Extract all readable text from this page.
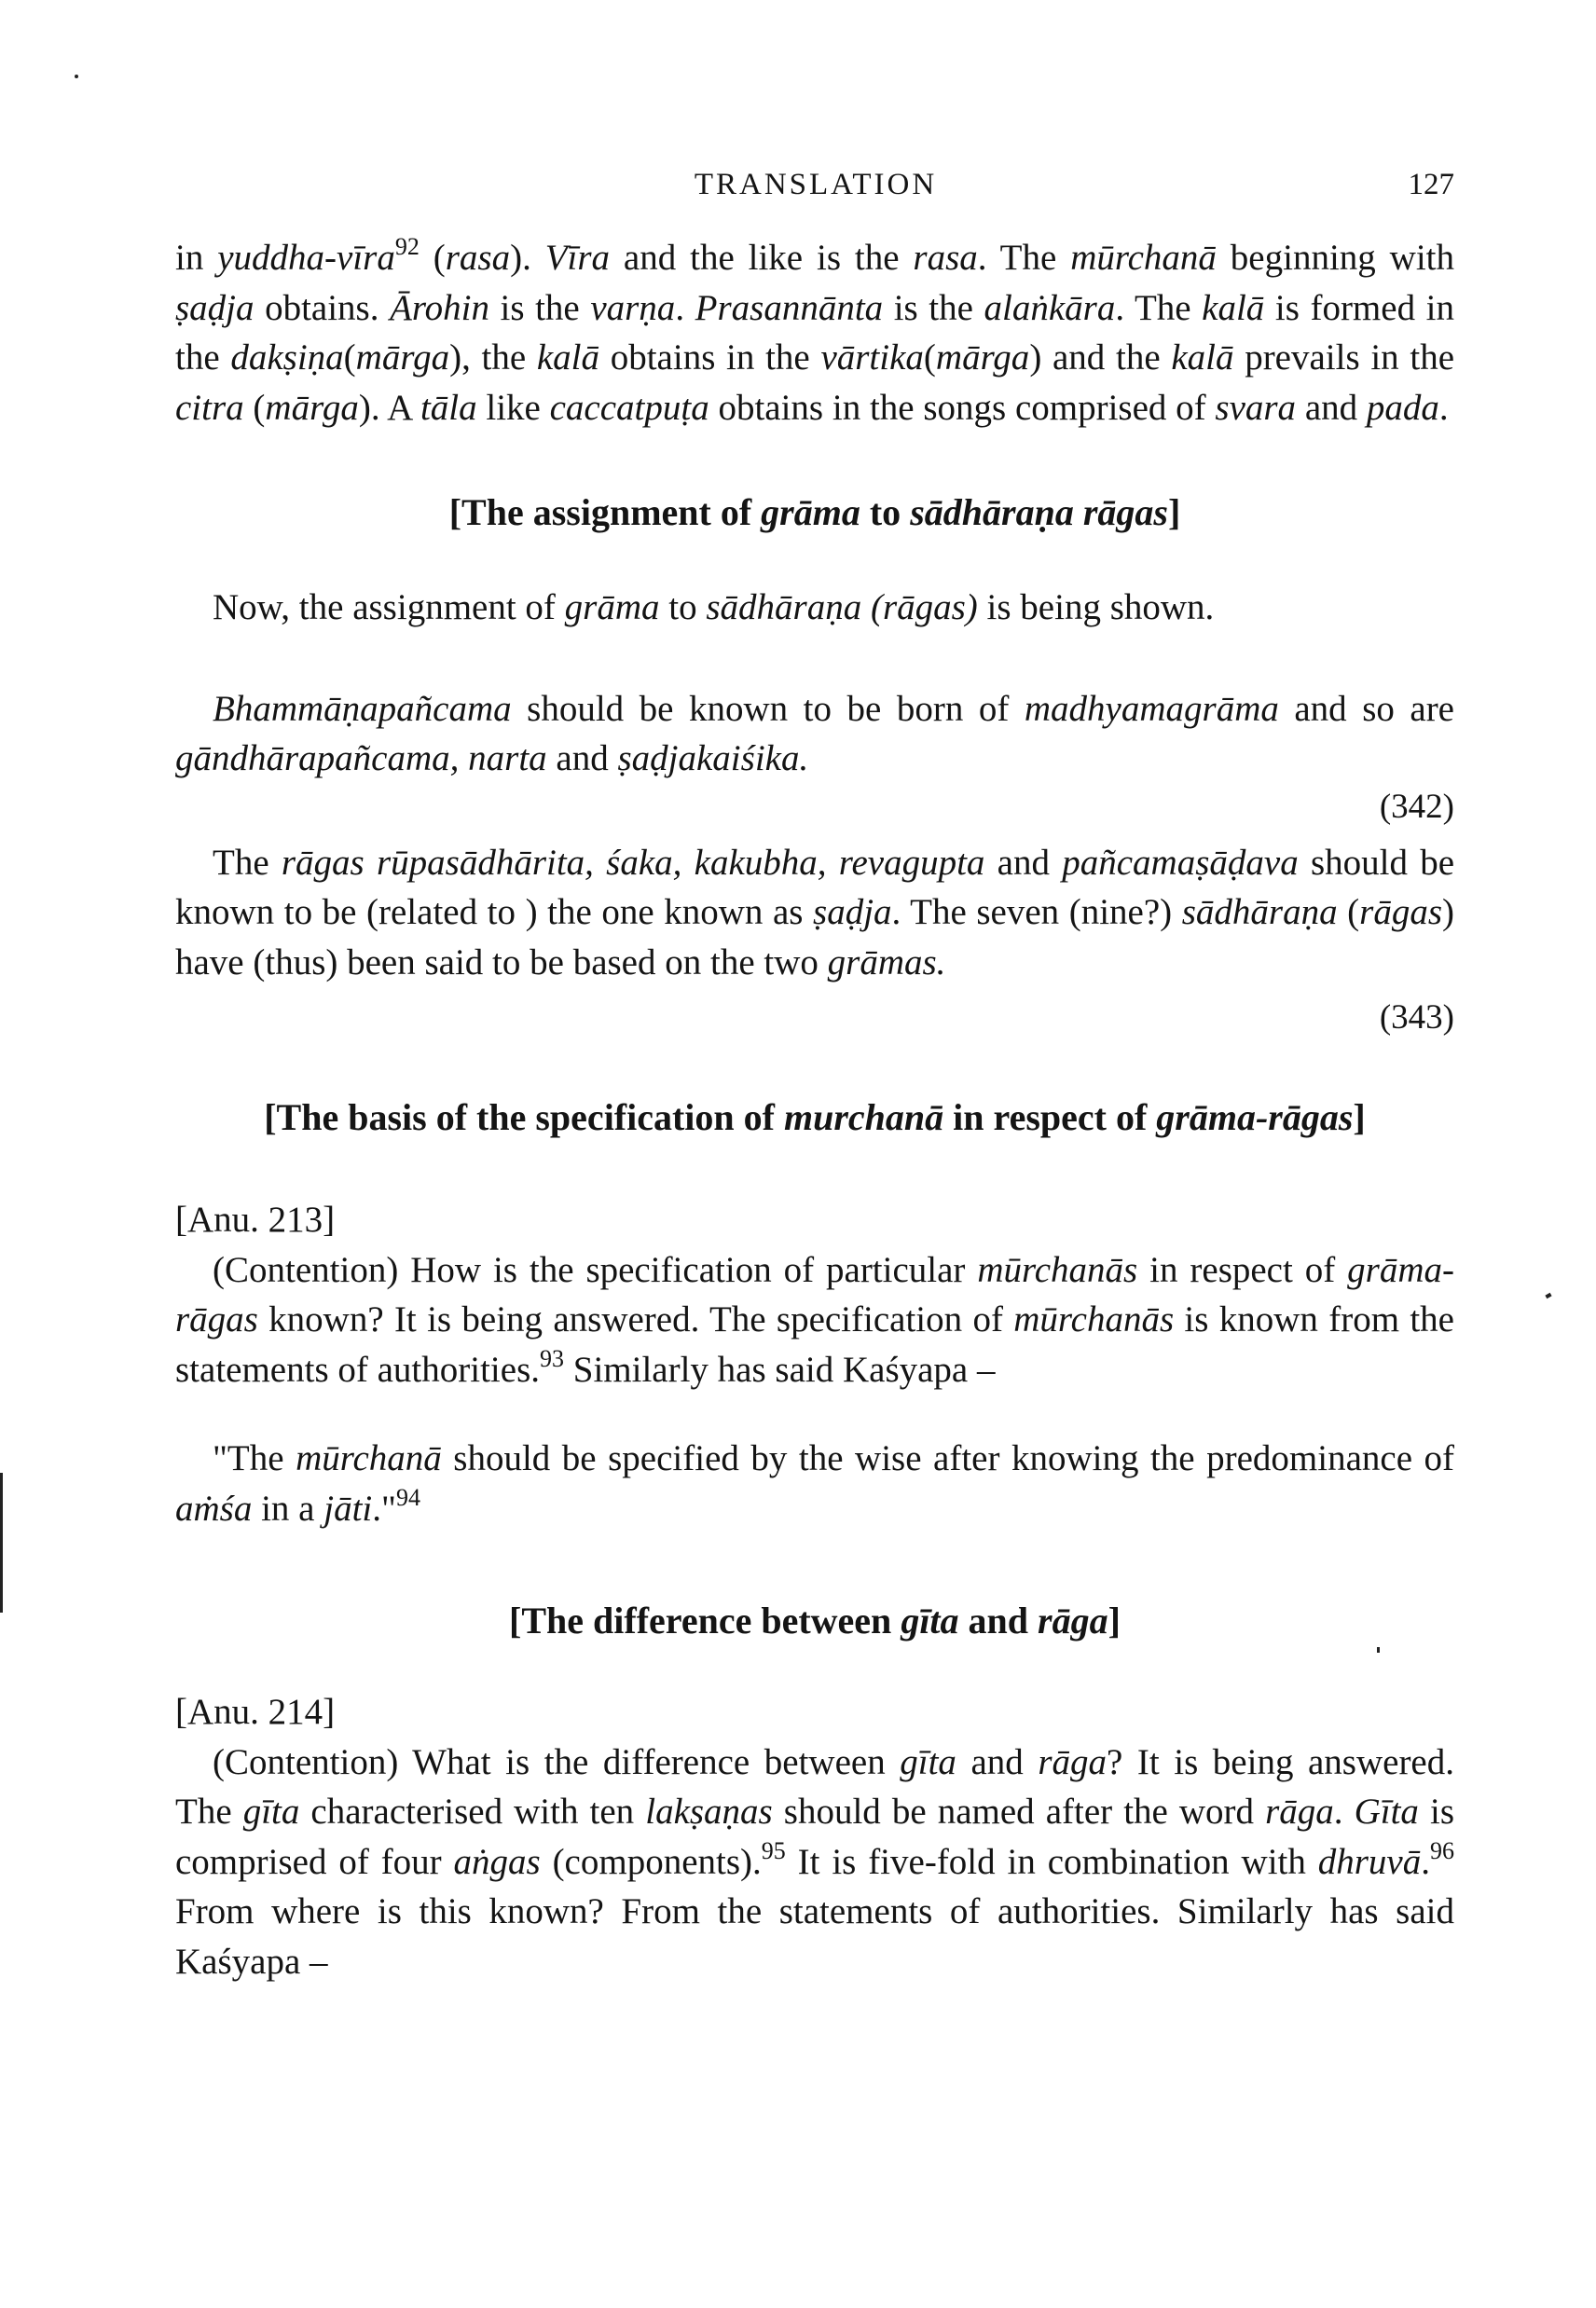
TRANSLATION	127

in yuddha-vīra$^{92}$ (rasa). Vīra and the like is the rasa. The mūrchanā beginning with ṣaḍja obtains. Ārohin is the varṇa. Prasannānta is the alaṅkāra. The kalā is formed in the dakṣiṇa(mārga), the kalā obtains in the vārtika(mārga) and the kalā prevails in the citra (mārga). A tāla like caccatpuṭa obtains in the songs comprised of svara and pada.

[The assignment of grāma to sādhāraṇa rāgas]

Now, the assignment of grāma to sādhāraṇa (rāgas) is being shown.

Bhammāṇapañcama should be known to be born of madhyamagrāma and so are gāndhārapañcama, narta and ṣaḍjakaiśika.

(342)

The rāgas rūpasādhārita, śaka, kakubha, revagupta and pañcamaṣāḍava should be known to be (related to ) the one known as ṣaḍja. The seven (nine?) sādhāraṇa (rāgas) have (thus) been said to be based on the two grāmas.

(343)
[The basis of the specification of murchanā in respect of grāma-rāgas]
[Anu. 213]

(Contention) How is the specification of particular mūrchanās in respect of grāma-rāgas known? It is being answered. The specification of mūrchanās is known from the statements of authorities.$^{93}$ Similarly has said Kaśyapa –

"The mūrchanā should be specified by the wise after knowing the predominance of aṁśa in a jāti."$^{94}$

[The difference between gīta and rāga]
[Anu. 214]

(Contention) What is the difference between gīta and rāga? It is being answered. The gīta characterised with ten lakṣaṇas should be named after the word rāga. Gīta is comprised of four aṅgas (components).$^{95}$ It is five-fold in combination with dhruvā.$^{96}$ From where is this known? From the statements of authorities. Similarly has said Kaśyapa –
